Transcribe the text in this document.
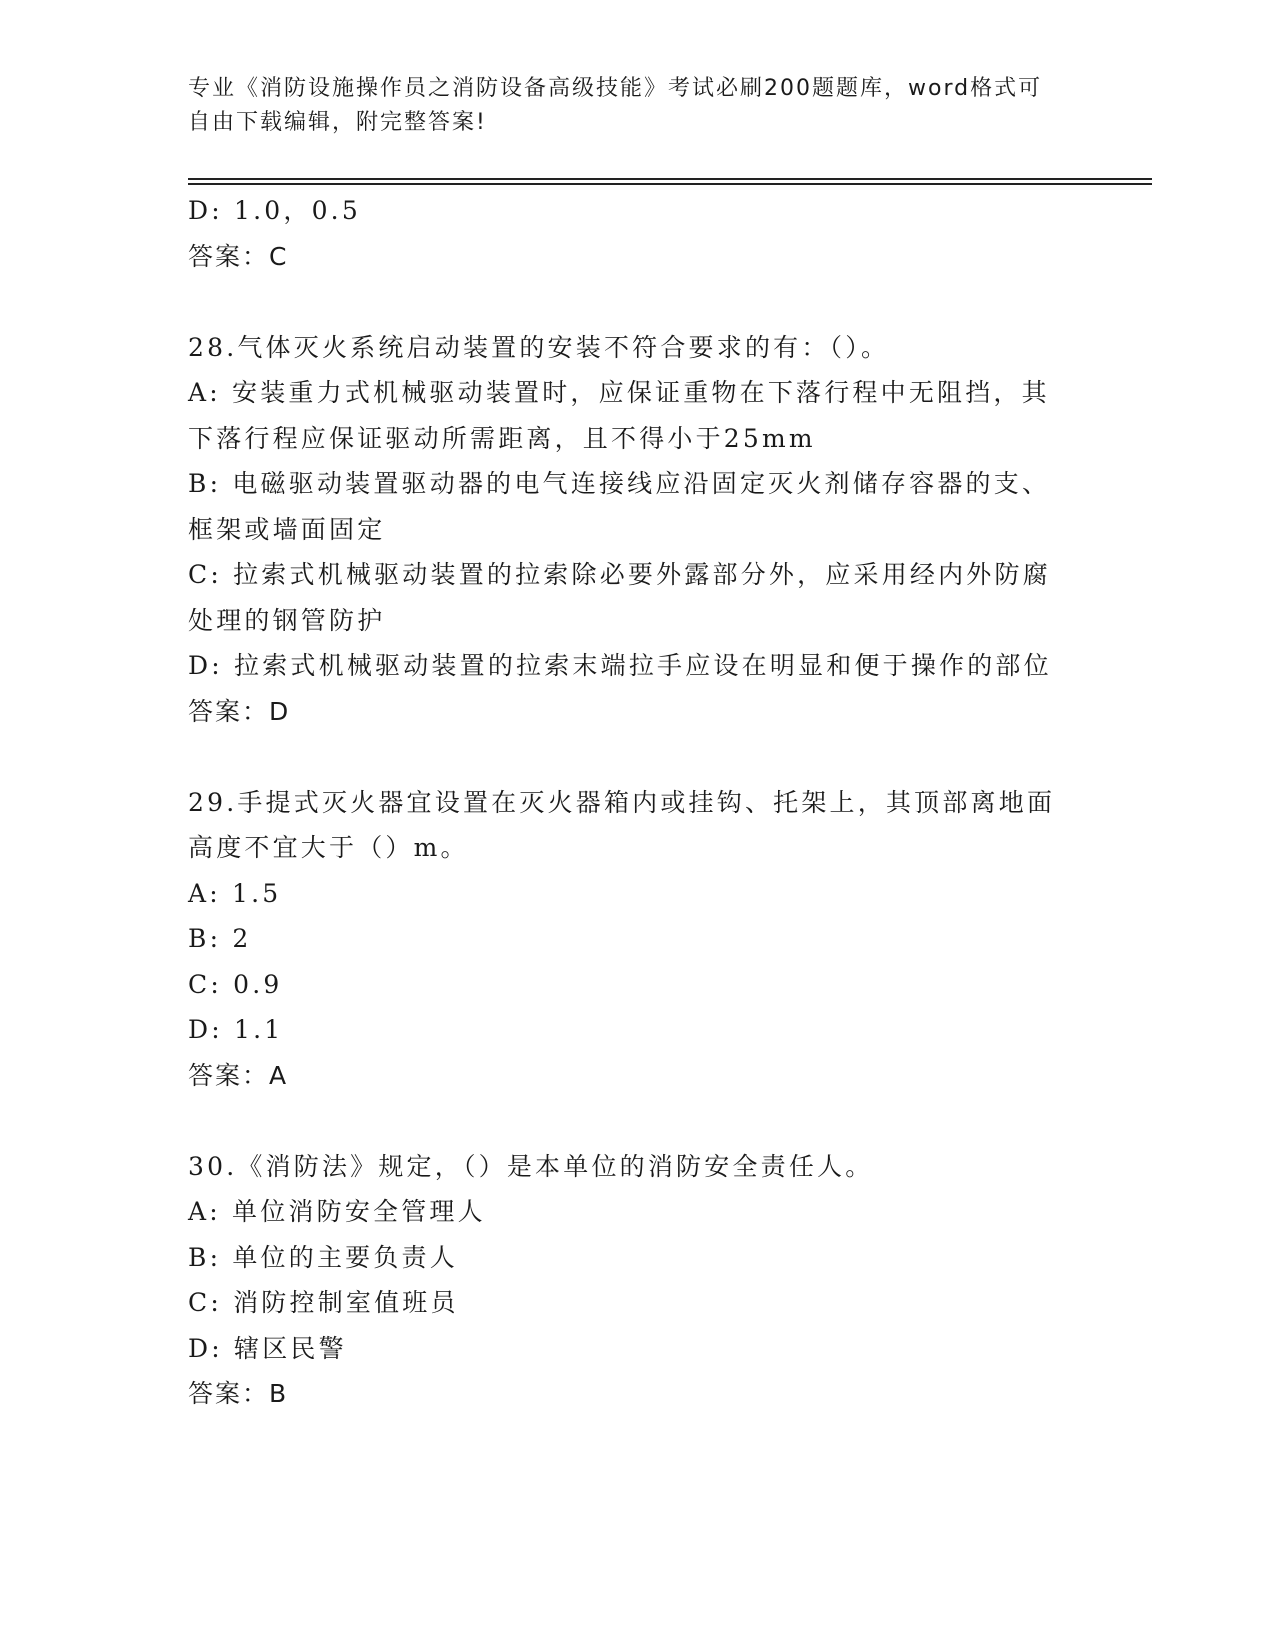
专业《消防设施操作员之消防设备高级技能》考试必刷200题题库，word格式可
自由下载编辑，附完整答案!
D: 1.0，0.5
答案：C
28.气体灭火系统启动装置的安装不符合要求的有：（）。
A: 安装重力式机械驱动装置时，应保证重物在下落行程中无阻挡，其
下落行程应保证驱动所需距离，且不得小于25mm
B: 电磁驱动装置驱动器的电气连接线应沿固定灭火剂储存容器的支、
框架或墙面固定
C: 拉索式机械驱动装置的拉索除必要外露部分外，应采用经内外防腐
处理的钢管防护
D: 拉索式机械驱动装置的拉索末端拉手应设在明显和便于操作的部位
答案：D
29.手提式灭火器宜设置在灭火器箱内或挂钩、托架上，其顶部离地面
高度不宜大于（）m。
A: 1.5
B: 2
C: 0.9
D: 1.1
答案：A
30.《消防法》规定，（）是本单位的消防安全责任人。
A: 单位消防安全管理人
B: 单位的主要负责人
C: 消防控制室值班员
D: 辖区民警
答案：B
